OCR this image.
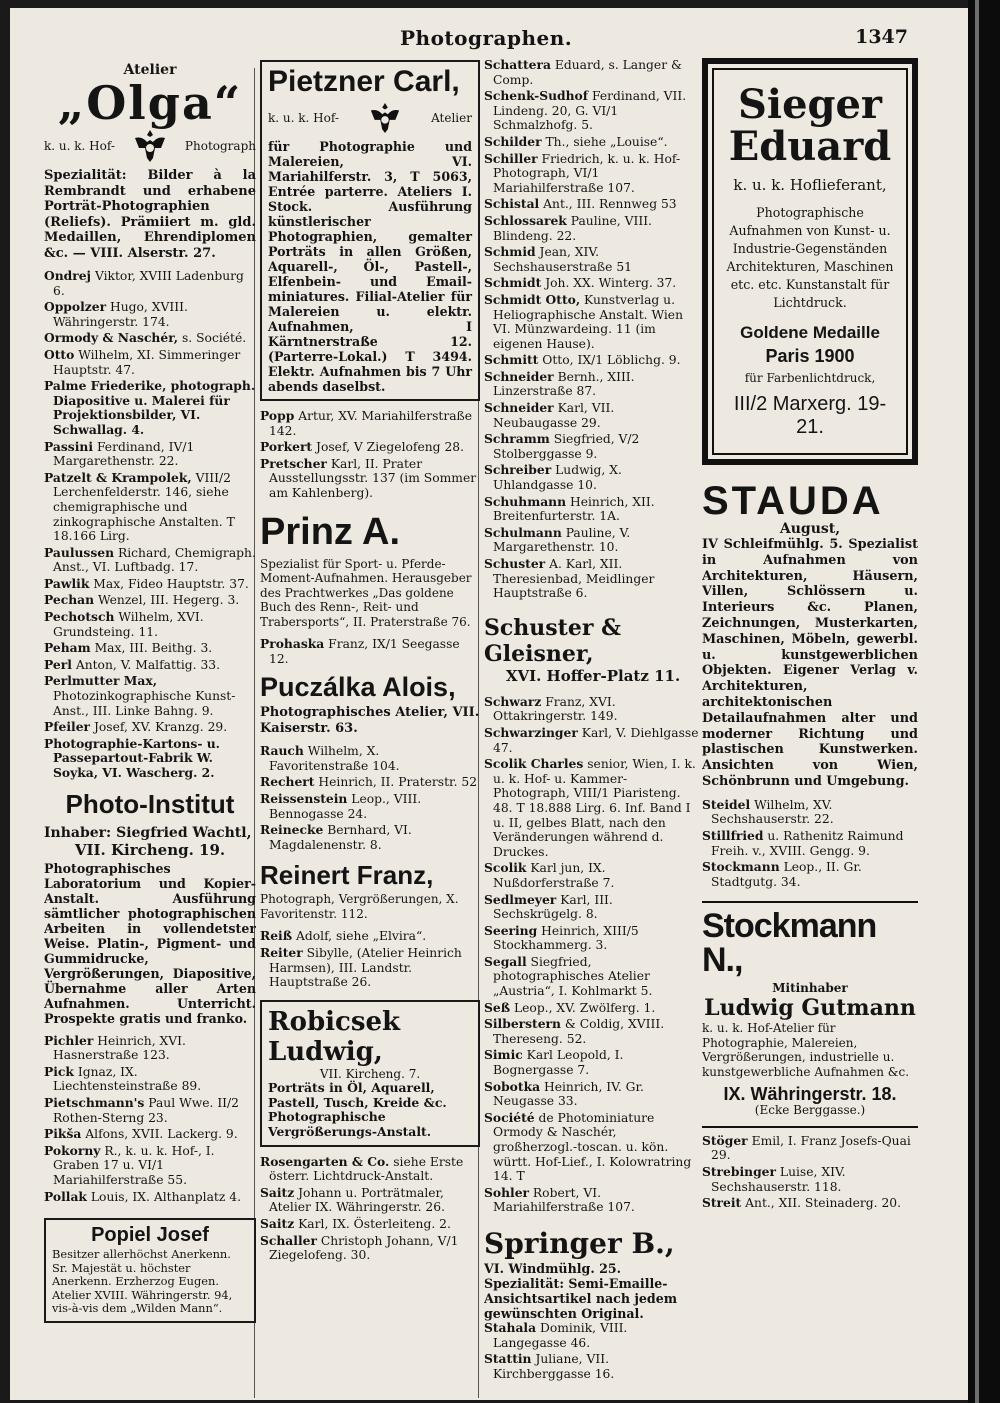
Photographen.	1347
Atelier
„Olga“
k. u. k. Hof-	Photograph
Spezialität: Bilder à la Rembrandt und erhabene Porträt-Photographien (Reliefs). Prämiiert m. gld. Medaillen, Ehrendiplomen &c. — VIII. Alserstr. 27.
Ondrej Viktor, XVIII Ladenburg 6.
Oppolzer Hugo, XVIII. Währingerstr. 174.
Ormody & Naschér, s. Société.
Otto Wilhelm, XI. Simmeringer Hauptstr. 47.
Palme Friederike, photograph. Diapositive u. Malerei für Projektionsbilder, VI. Schwallag. 4.
Passini Ferdinand, IV/1 Margarethenstr. 22.
Patzelt & Krampolek, VIII/2 Lerchenfelderstr. 146, siehe chemigraphische und zinkographische Anstalten. T 18.166 Lirg.
Paulussen Richard, Chemigraph. Anst., VI. Luftbadg. 17.
Pawlik Max, Fideo Hauptstr. 37.
Pechan Wenzel, III. Hegerg. 3.
Pechotsch Wilhelm, XVI. Grundsteing. 11.
Peham Max, III. Beithg. 3.
Perl Anton, V. Malfattig. 33.
Perlmutter Max, Photozinkographische Kunst-Anst., III. Linke Bahng. 9.
Pfeiler Josef, XV. Kranzg. 29.
Photographie-Kartons- u. Passepartout-Fabrik W. Soyka, VI. Wascherg. 2.
Photo-Institut
Inhaber: Siegfried Wachtl,
VII. Kircheng. 19.
Photographisches Laboratorium und Kopier-Anstalt. Ausführung sämtlicher photographischen Arbeiten in vollendetster Weise. Platin-, Pigment- und Gummidrucke, Vergrößerungen, Diapositive, Übernahme aller Arten Aufnahmen. Unterricht. Prospekte gratis und franko.
Pichler Heinrich, XVI. Hasnerstraße 123.
Pick Ignaz, IX. Liechtensteinstraße 89.
Pietschmann's Paul Wwe. II/2 Rothen-Sterng 23.
Pikša Alfons, XVII. Lackerg. 9.
Pokorny R., k. u. k. Hof-, I. Graben 17 u. VI/1 Mariahilferstraße 55.
Pollak Louis, IX. Althanplatz 4.
Popiel Josef
Besitzer allerhöchst Anerkenn. Sr. Majestät u. höchster Anerkenn. Erzherzog Eugen. Atelier XVIII. Währingerstr. 94, vis-à-vis dem „Wilden Mann“.
Pietzner Carl,
k. u. k. Hof-	Atelier
für Photographie und Malereien, VI. Mariahilferstr. 3, T 5063, Entrée parterre. Ateliers I. Stock. Ausführung künstlerischer Photographien, gemalter Porträts in allen Größen, Aquarell-, Öl-, Pastell-, Elfenbein- und Email-miniatures. Filial-Atelier für Malereien u. elektr. Aufnahmen, I Kärntnerstraße 12. (Parterre-Lokal.) T 3494. Elektr. Aufnahmen bis 7 Uhr abends daselbst.
Popp Artur, XV. Mariahilferstraße 142.
Porkert Josef, V Ziegelofeng 28.
Pretscher Karl, II. Prater Ausstellungsstr. 137 (im Sommer am Kahlenberg).
Prinz A.
Spezialist für Sport- u. Pferde-Moment-Aufnahmen. Herausgeber des Prachtwerkes „Das goldene Buch des Renn-, Reit- und Trabersports“, II. Praterstraße 76.
Prohaska Franz, IX/1 Seegasse 12.
Puczálka Alois,
Photographisches Atelier, VII. Kaiserstr. 63.
Rauch Wilhelm, X. Favoritenstraße 104.
Rechert Heinrich, II. Praterstr. 52
Reissenstein Leop., VIII. Bennogasse 24.
Reinecke Bernhard, VI. Magdalenenstr. 8.
Reinert Franz,
Photograph, Vergrößerungen, X. Favoritenstr. 112.
Reiß Adolf, siehe „Elvira“.
Reiter Sibylle, (Atelier Heinrich Harmsen), III. Landstr. Hauptstraße 26.
Robicsek Ludwig,
VII. Kircheng. 7.
Porträts in Öl, Aquarell, Pastell, Tusch, Kreide &c. Photographische Vergrößerungs-Anstalt.
Rosengarten & Co. siehe Erste österr. Lichtdruck-Anstalt.
Saitz Johann u. Porträtmaler, Atelier IX. Währingerstr. 26.
Saitz Karl, IX. Österleiteng. 2.
Schaller Christoph Johann, V/1 Ziegelofeng. 30.
Schattera Eduard, s. Langer & Comp.
Schenk-Sudhof Ferdinand, VII. Lindeng. 20, G. VI/1 Schmalzhofg. 5.
Schilder Th., siehe „Louise“.
Schiller Friedrich, k. u. k. Hof-Photograph, VI/1 Mariahilferstraße 107.
Schistal Ant., III. Rennweg 53
Schlossarek Pauline, VIII. Blindeng. 22.
Schmid Jean, XIV. Sechshauserstraße 51
Schmidt Joh. XX. Winterg. 37.
Schmidt Otto, Kunstverlag u. Heliographische Anstalt. Wien VI. Münzwardeing. 11 (im eigenen Hause).
Schmitt Otto, IX/1 Löblichg. 9.
Schneider Bernh., XIII. Linzerstraße 87.
Schneider Karl, VII. Neubaugasse 29.
Schramm Siegfried, V/2 Stolberggasse 9.
Schreiber Ludwig, X. Uhlandgasse 10.
Schuhmann Heinrich, XII. Breitenfurterstr. 1A.
Schulmann Pauline, V. Margarethenstr. 10.
Schuster A. Karl, XII. Theresienbad, Meidlinger Hauptstraße 6.
Schuster & Gleisner,
XVI. Hoffer-Platz 11.
Schwarz Franz, XVI. Ottakringerstr. 149.
Schwarzinger Karl, V. Diehlgasse 47.
Scolik Charles senior, Wien, I. k. u. k. Hof- u. Kammer-Photograph, VIII/1 Piaristeng. 48. T 18.888 Lirg. 6. Inf. Band I u. II, gelbes Blatt, nach den Veränderungen während d. Druckes.
Scolik Karl jun, IX. Nußdorferstraße 7.
Sedlmeyer Karl, III. Sechskrügelg. 8.
Seering Heinrich, XIII/5 Stockhammerg. 3.
Segall Siegfried, photographisches Atelier „Austria“, I. Kohlmarkt 5.
Seß Leop., XV. Zwölferg. 1.
Silberstern & Coldig, XVIII. Thereseng. 52.
Simic Karl Leopold, I. Bognergasse 7.
Sobotka Heinrich, IV. Gr. Neugasse 33.
Société de Photominiature Ormody & Naschér, großherzogl.-toscan. u. kön. württ. Hof-Lief., I. Kolowratring 14. T
Sohler Robert, VI. Mariahilferstraße 107.
Springer B.,
VI. Windmühlg. 25. Spezialität: Semi-Emaille-Ansichtsartikel nach jedem gewünschten Original.
Stahala Dominik, VIII. Langegasse 46.
Stattin Juliane, VII. Kirchberggasse 16.
Sieger
Eduard
k. u. k. Hoflieferant,
Photographische Aufnahmen von Kunst- u. Industrie-Gegenständen Architekturen, Maschinen etc. etc. Kunstanstalt für Lichtdruck.
Goldene Medaille
Paris 1900
für Farbenlichtdruck,
III/2 Marxerg. 19-21.
STAUDA
August,
IV Schleifmühlg. 5. Spezialist in Aufnahmen von Architekturen, Häusern, Villen, Schlössern u. Interieurs &c. Planen, Zeichnungen, Musterkarten, Maschinen, Möbeln, gewerbl. u. kunstgewerblichen Objekten. Eigener Verlag v. Architekturen, architektonischen Detailaufnahmen alter und moderner Richtung und plastischen Kunstwerken. Ansichten von Wien, Schönbrunn und Umgebung.
Steidel Wilhelm, XV. Sechshauserstr. 22.
Stillfried u. Rathenitz Raimund Freih. v., XVIII. Gengg. 9.
Stockmann Leop., II. Gr. Stadtgutg. 34.
Stockmann N.,
Mitinhaber
Ludwig Gutmann
k. u. k. Hof-Atelier für Photographie, Malereien, Vergrößerungen, industrielle u. kunstgewerbliche Aufnahmen &c.
IX. Währingerstr. 18.
(Ecke Berggasse.)
Stöger Emil, I. Franz Josefs-Quai 29.
Strebinger Luise, XIV. Sechshauserstr. 118.
Streit Ant., XII. Steinaderg. 20.
